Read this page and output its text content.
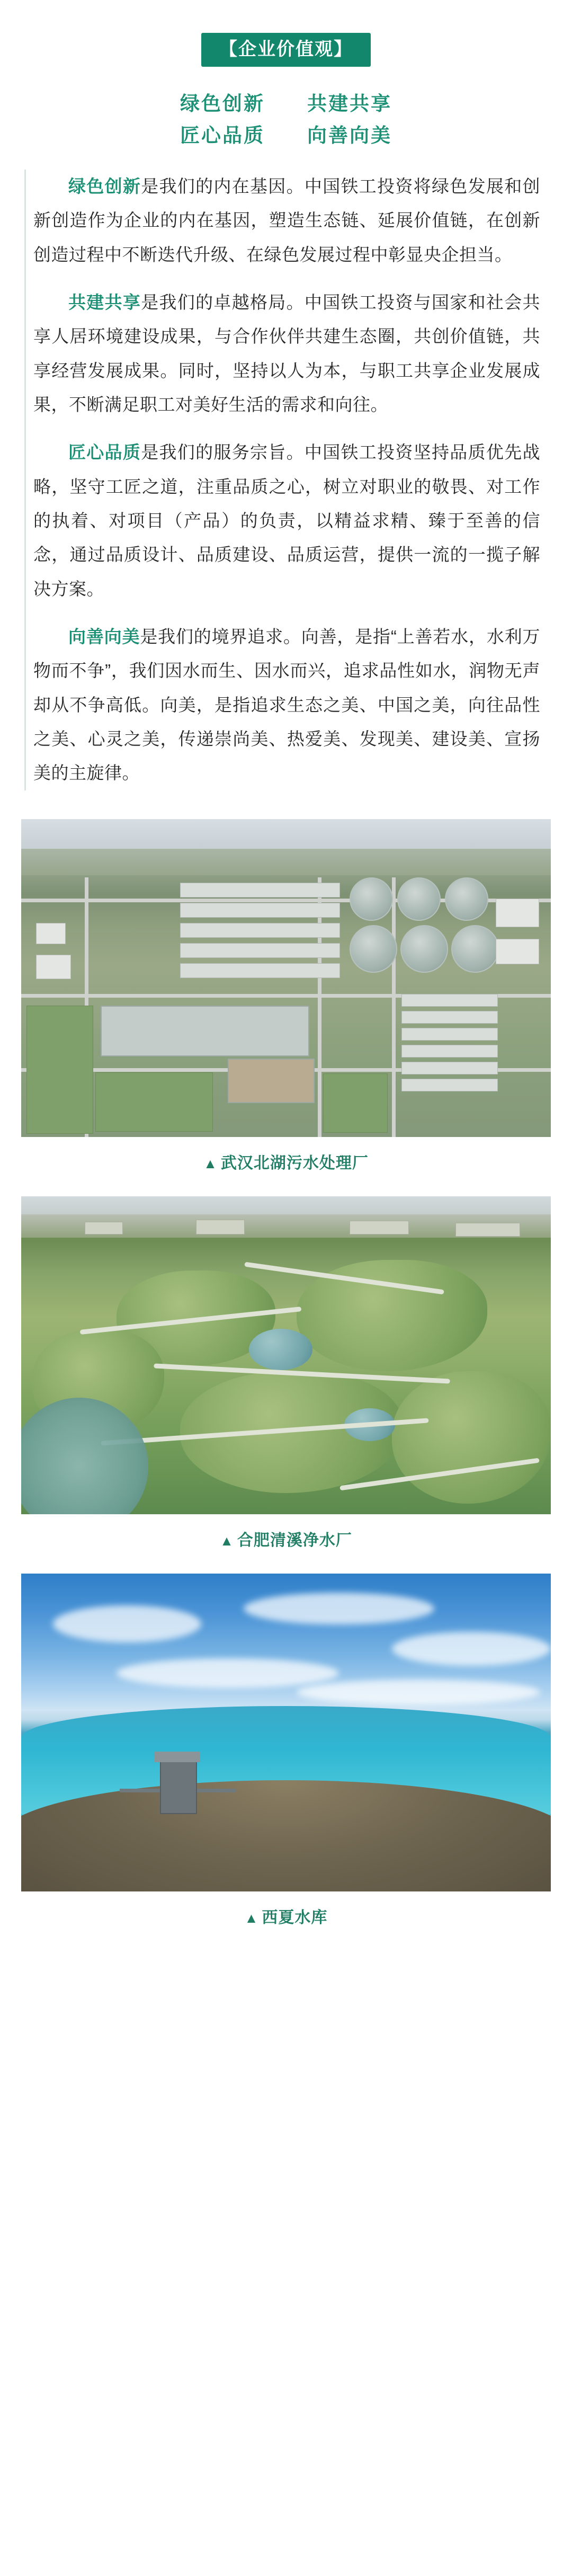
【企业价值观】
绿色创新　　共建共享
匠心品质　　向善向美

绿色创新是我们的内在基因。中国铁工投资将绿色发展和创新创造作为企业的内在基因，塑造生态链、延展价值链，在创新创造过程中不断迭代升级、在绿色发展过程中彰显央企担当。

共建共享是我们的卓越格局。中国铁工投资与国家和社会共享人居环境建设成果，与合作伙伴共建生态圈，共创价值链，共享经营发展成果。同时，坚持以人为本，与职工共享企业发展成果，不断满足职工对美好生活的需求和向往。

匠心品质是我们的服务宗旨。中国铁工投资坚持品质优先战略，坚守工匠之道，注重品质之心，树立对职业的敬畏、对工作的执着、对项目（产品）的负责，以精益求精、臻于至善的信念，通过品质设计、品质建设、品质运营，提供一流的一揽子解决方案。

向善向美是我们的境界追求。向善，是指“上善若水，水利万物而不争”，我们因水而生、因水而兴，追求品性如水，润物无声却从不争高低。向美，是指追求生态之美、中国之美，向往品性之美、心灵之美，传递崇尚美、热爱美、发现美、建设美、宣扬美的主旋律。

▲ 武汉北湖污水处理厂
▲ 合肥清溪净水厂
▲ 西夏水库
